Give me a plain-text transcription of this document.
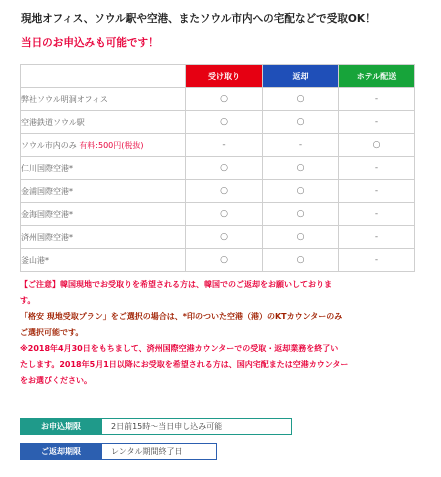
現地オフィス、ソウル駅や空港、またソウル市内への宅配などで受取OK！
当日のお申込みも可能です！
	受け取り	返却	ホテル配送
弊社ソウル明洞オフィス	○	○	-
空港鉄道ソウル駅	○	○	-
ソウル市内のみ 有料:500円(税抜)	-	-	○
仁川国際空港*	○	○	-
金浦国際空港*	○	○	-
金海国際空港*	○	○	-
済州国際空港*	○	○	-
釜山港*	○	○	-

【ご注意】韓国現地でお受取りを希望される方は、韓国でのご返却をお願いしておりま
す。

「格安 現地受取プラン」をご選択の場合は、*印のついた空港（港）のKTカウンターのみ
ご選択可能です。

※2018年4月30日をもちまして、済州国際空港カウンターでの受取・返却業務を終了い
たします。2018年5月1日以降にお受取を希望される方は、国内宅配または空港カウンター
をお選びください。

お申込期限	2日前15時～当日申し込み可能
ご返却期限	レンタル期間終了日
